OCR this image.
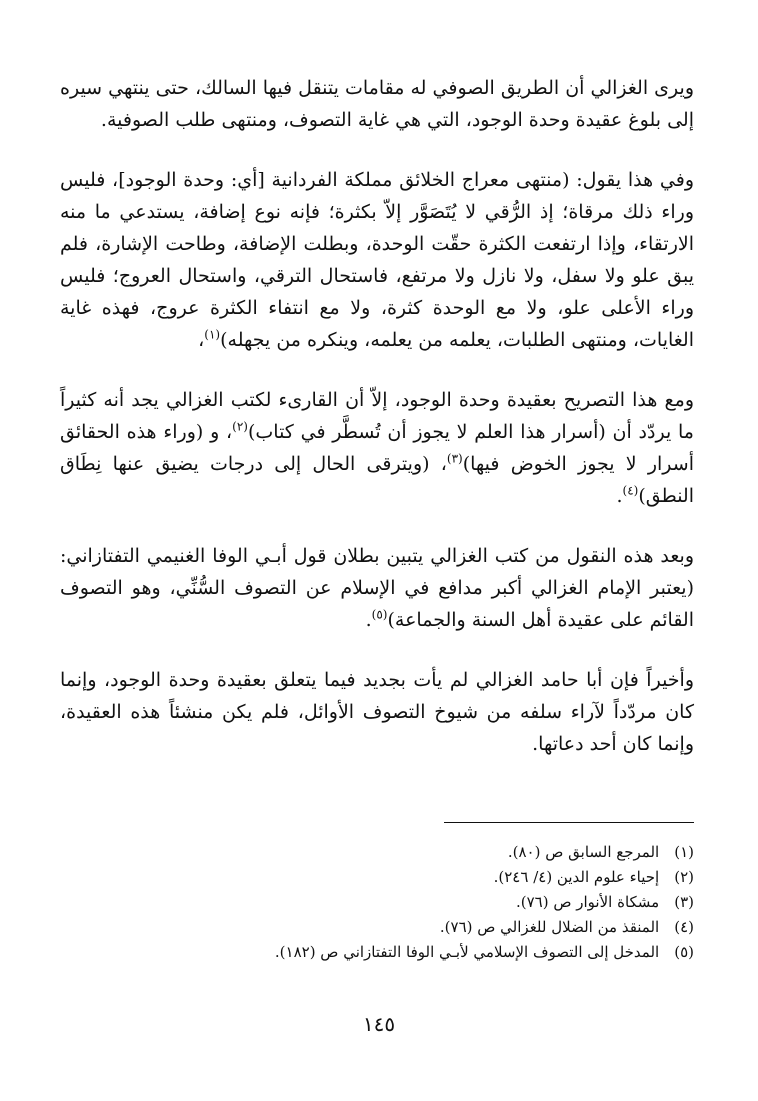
ويرى الغزالي أن الطريق الصوفي له مقامات يتنقل فيها السالك، حتى ينتهي سيره إلى بلوغ عقيدة وحدة الوجود، التي هي غاية التصوف، ومنتهى طلب الصوفية.

وفي هذا يقول: (منتهى معراج الخلائق مملكة الفردانية [أي: وحدة الوجود]، فليس وراء ذلك مرقاة؛ إذ الرُّقي لا يُتَصَوَّر إلاّ بكثرة؛ فإنه نوع إضافة، يستدعي ما منه الارتقاء، وإذا ارتفعت الكثرة حقّت الوحدة، وبطلت الإضافة، وطاحت الإشارة، فلم يبق علو ولا سفل، ولا نازل ولا مرتفع، فاستحال الترقي، واستحال العروج؛ فليس وراء الأعلى علو، ولا مع الوحدة كثرة، ولا مع انتفاء الكثرة عروج، فهذه غاية الغايات، ومنتهى الطلبات، يعلمه من يعلمه، وينكره من يجهله)$^{(١)}$،

ومع هذا التصريح بعقيدة وحدة الوجود، إلاّ أن القارىء لكتب الغزالي يجد أنه كثيراً ما يردّد أن (أسرار هذا العلم لا يجوز أن تُسطَّر في كتاب)$^{(٢)}$، و (وراء هذه الحقائق أسرار لا يجوز الخوض فيها)$^{(٣)}$، (ويترقى الحال إلى درجات يضيق عنها نِطَاق النطق)$^{(٤)}$.

وبعد هذه النقول من كتب الغزالي يتبين بطلان قول أبـي الوفا الغنيمي التفتازاني: (يعتبر الإمام الغزالي أكبر مدافع في الإسلام عن التصوف السُّنِّي، وهو التصوف القائم على عقيدة أهل السنة والجماعة)$^{(٥)}$.

وأخيراً فإن أبا حامد الغزالي لم يأت بجديد فيما يتعلق بعقيدة وحدة الوجود، وإنما كان مردّداً لآراء سلفه من شيوخ التصوف الأوائل، فلم يكن منشئاً هذه العقيدة، وإنما كان أحد دعاتها.

(١) المرجع السابق ص (٨٠).
(٢) إحياء علوم الدين (٤/ ٢٤٦).
(٣) مشكاة الأنوار ص (٧٦).
(٤) المنقذ من الضلال للغزالي ص (٧٦).
(٥) المدخل إلى التصوف الإسلامي لأبـي الوفا التفتازاني ص (١٨٢).
١٤٥
